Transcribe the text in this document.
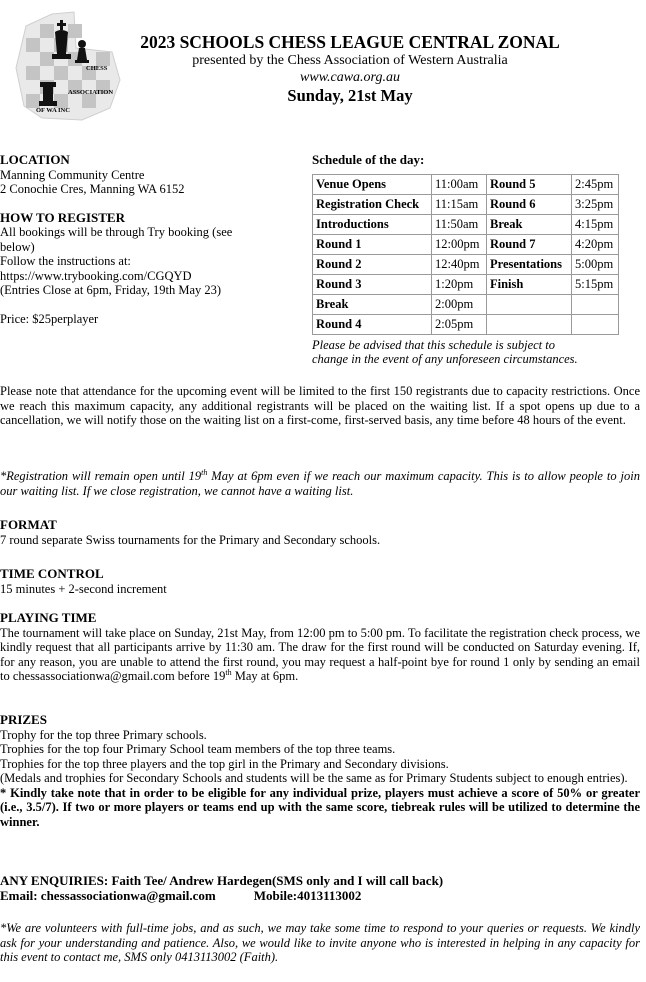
CHESS
ASSOCIATION
OF WA INC
2023 SCHOOLS CHESS LEAGUE CENTRAL ZONAL
presented by the Chess Association of Western Australia
www.cawa.org.au
Sunday, 21st May
LOCATION
Manning Community Centre
2 Conochie Cres, Manning WA 6152
HOW TO REGISTER
All bookings will be through Try booking (see
below)
Follow the instructions at:
https://www.trybooking.com/CGQYD
(Entries Close at 6pm, Friday, 19th May 23)
Price: $25perplayer
Schedule of the day:
Venue Opens	11:00am	Round 5	2:45pm
Registration Check	11:15am	Round 6	3:25pm
Introductions	11:50am	Break	4:15pm
Round 1	12:00pm	Round 7	4:20pm
Round 2	12:40pm	Presentations	5:00pm
Round 3	1:20pm	Finish	5:15pm
Break	2:00pm		
Round 4	2:05pm		
Please be advised that this schedule is subject to
change in the event of any unforeseen circumstances.
Please note that attendance for the upcoming event will be limited to the first 150 registrants due to capacity restrictions. Once we reach this maximum capacity, any additional registrants will be placed on the waiting list. If a spot opens up due to a cancellation, we will notify those on the waiting list on a first-come, first-served basis, any time before 48 hours of the event.
*Registration will remain open until 19th May at 6pm even if we reach our maximum capacity. This is to allow people to join our waiting list. If we close registration, we cannot have a waiting list.
FORMAT
7 round separate Swiss tournaments for the Primary and Secondary schools.
TIME CONTROL
15 minutes + 2-second increment
PLAYING TIME
The tournament will take place on Sunday, 21st May, from 12:00 pm to 5:00 pm. To facilitate the registration check process, we kindly request that all participants arrive by 11:30 am. The draw for the first round will be conducted on Saturday evening. If, for any reason, you are unable to attend the first round, you may request a half-point bye for round 1 only by sending an email to chessassociationwa@gmail.com before 19th May at 6pm.
PRIZES
Trophy for the top three Primary schools.
Trophies for the top four Primary School team members of the top three teams.
Trophies for the top three players and the top girl in the Primary and Secondary divisions.
(Medals and trophies for Secondary Schools and students will be the same as for Primary Students subject to enough entries).
* Kindly take note that in order to be eligible for any individual prize, players must achieve a score of 50% or greater (i.e., 3.5/7). If two or more players or teams end up with the same score, tiebreak rules will be utilized to determine the winner.
ANY ENQUIRIES: Faith Tee/ Andrew Hardegen(SMS only and I will call back)
Email: chessassociationwa@gmail.com	Mobile:4013113002
*We are volunteers with full-time jobs, and as such, we may take some time to respond to your queries or requests. We kindly ask for your understanding and patience. Also, we would like to invite anyone who is interested in helping in any capacity for this event to contact me, SMS only 0413113002 (Faith).
